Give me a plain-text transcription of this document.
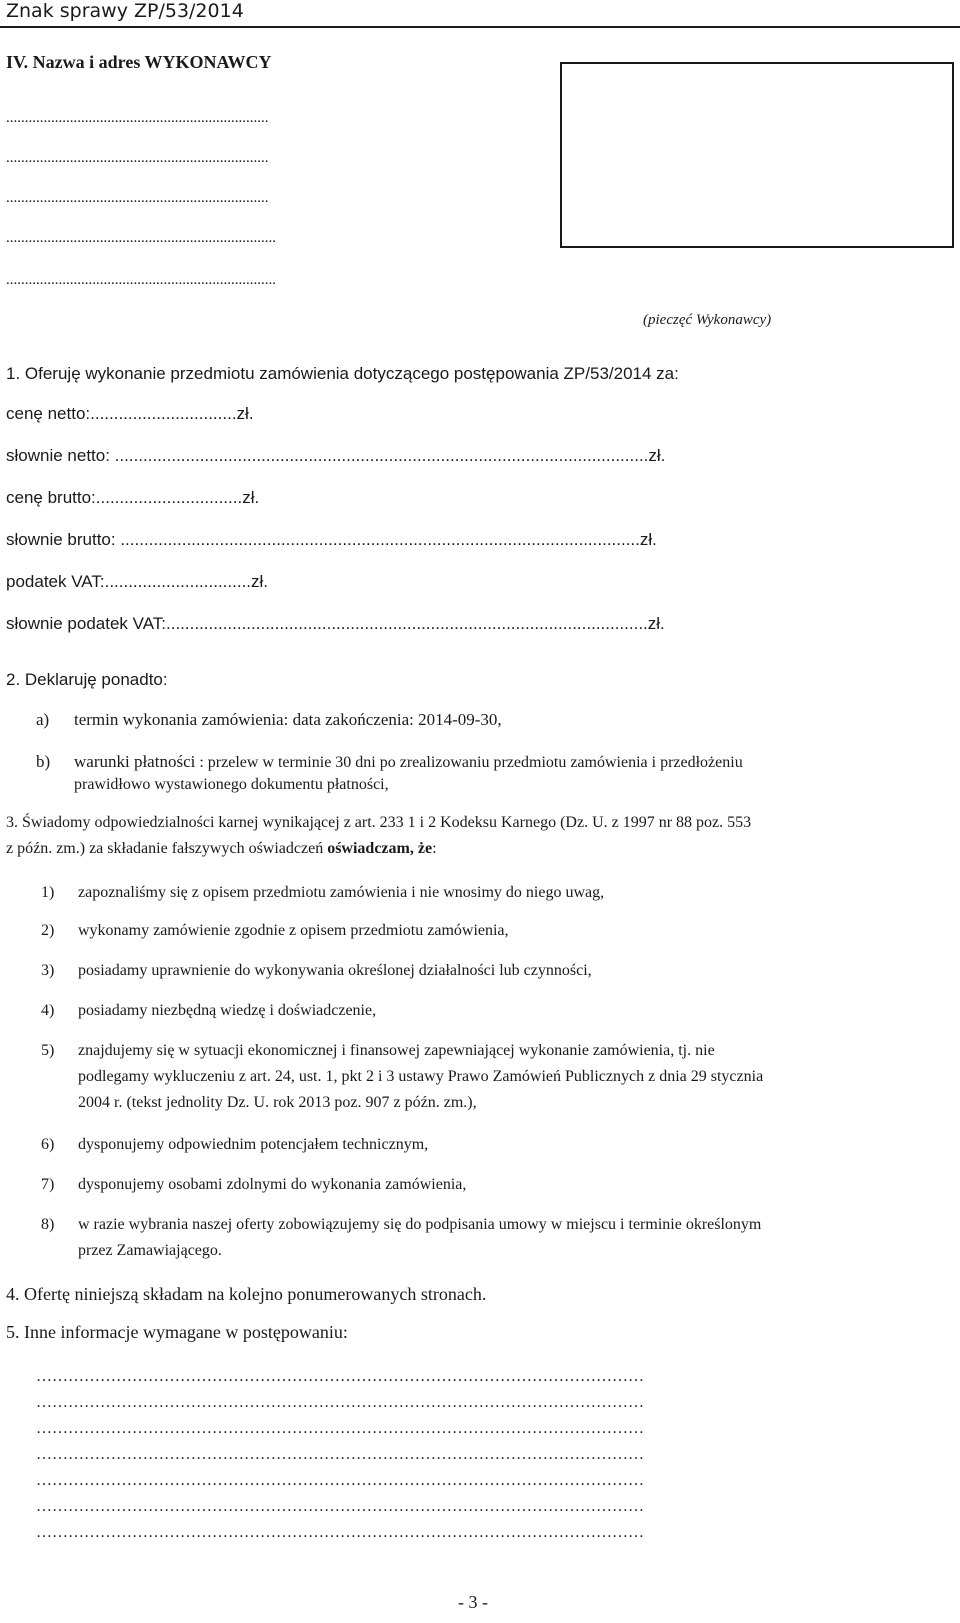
Znak sprawy ZP/53/2014
IV. Nazwa i adres WYKONAWCY
......................................................................
......................................................................
......................................................................
........................................................................
........................................................................
(pieczęć Wykonawcy)
1. Oferuję wykonanie przedmiotu zamówienia dotyczącego postępowania ZP/53/2014 za:
cenę netto:...............................zł.
słownie netto: .................................................................................................................zł.
cenę brutto:...............................zł.
słownie brutto: ..............................................................................................................zł.
podatek VAT:...............................zł.
słownie podatek VAT:......................................................................................................zł.
2. Deklaruję ponadto:
a) termin wykonania zamówienia: data zakończenia: 2014-09-30,
b) warunki płatności : przelew w terminie 30 dni po zrealizowaniu przedmiotu zamówienia i przedłożeniu
prawidłowo wystawionego dokumentu płatności,
3. Świadomy odpowiedzialności karnej wynikającej z art. 233 1 i 2 Kodeksu Karnego (Dz. U. z 1997 nr 88 poz. 553
z późn. zm.) za składanie fałszywych oświadczeń oświadczam, że:
1) zapoznaliśmy się z opisem przedmiotu zamówienia i nie wnosimy do niego uwag,
2) wykonamy zamówienie zgodnie z opisem przedmiotu zamówienia,
3) posiadamy uprawnienie do wykonywania określonej działalności lub czynności,
4) posiadamy niezbędną wiedzę i doświadczenie,
5) znajdujemy się w sytuacji ekonomicznej i finansowej zapewniającej wykonanie zamówienia, tj. nie
podlegamy wykluczeniu z art. 24, ust. 1, pkt 2 i 3 ustawy Prawo Zamówień Publicznych z dnia 29 stycznia
2004 r. (tekst jednolity Dz. U. rok 2013 poz. 907 z późn. zm.),
6) dysponujemy odpowiednim potencjałem technicznym,
7) dysponujemy osobami zdolnymi do wykonania zamówienia,
8) w razie wybrania naszej oferty zobowiązujemy się do podpisania umowy w miejscu i terminie określonym
przez Zamawiającego.
4. Ofertę niniejszą składam na kolejno ponumerowanych stronach.
5. Inne informacje wymagane w postępowaniu:
……………………………………………………………………………………………………
……………………………………………………………………………………………………
……………………………………………………………………………………………………
……………………………………………………………………………………………………
……………………………………………………………………………………………………
……………………………………………………………………………………………………
……………………………………………………………………………………………………
- 3 -
